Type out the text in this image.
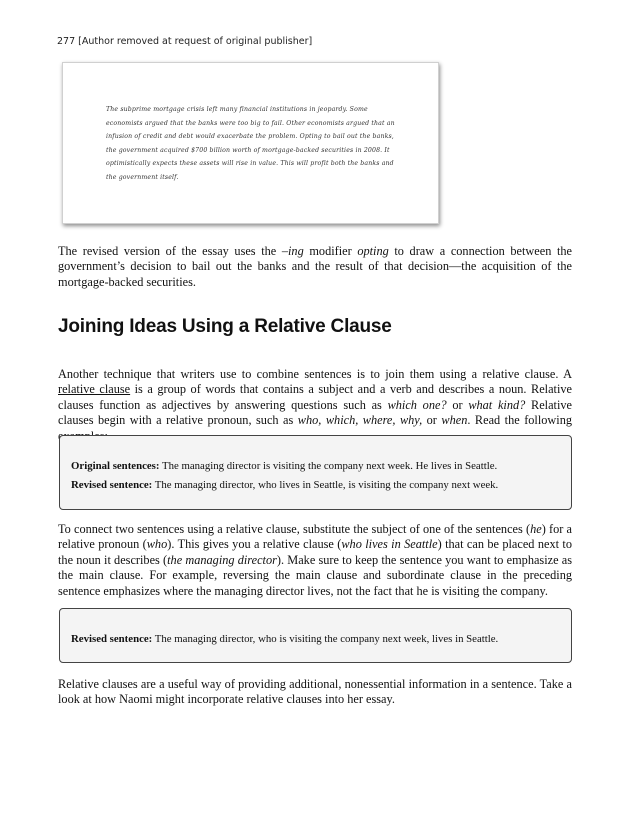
277 [Author removed at request of original publisher]
The subprime mortgage crisis left many financial institutions in jeopardy. Some economists argued that the banks were too big to fail. Other economists argued that an infusion of credit and debt would exacerbate the problem. Opting to bail out the banks, the government acquired $700 billion worth of mortgage-backed securities in 2008. It optimistically expects these assets will rise in value. This will profit both the banks and the government itself.

The revised version of the essay uses the –ing modifier opting to draw a connection between the government’s decision to bail out the banks and the result of that decision—the acquisition of the mortgage-backed securities.

Joining Ideas Using a Relative Clause

Another technique that writers use to combine sentences is to join them using a relative clause. A relative clause is a group of words that contains a subject and a verb and describes a noun. Relative clauses function as adjectives by answering questions such as which one? or what kind? Relative clauses begin with a relative pronoun, such as who, which, where, why, or when. Read the following

Original sentences: The managing director is visiting the company next week. He lives in Seattle.
Revised sentence: The managing director, who lives in Seattle, is visiting the company next week.

To connect two sentences using a relative clause, substitute the subject of one of the sentences (he) for a relative pronoun (who). This gives you a relative clause (who lives in Seattle) that can be placed next to the noun it describes (the managing director). Make sure to keep the sentence you want to emphasize as the main clause. For example, reversing the main clause and subordinate clause in the preceding sentence emphasizes where the managing director lives, not the fact that he is visiting the company.

Revised sentence: The managing director, who is visiting the company next week, lives in Seattle.

Relative clauses are a useful way of providing additional, nonessential information in a sentence. Take a look at how Naomi might incorporate relative clauses into her essay.
